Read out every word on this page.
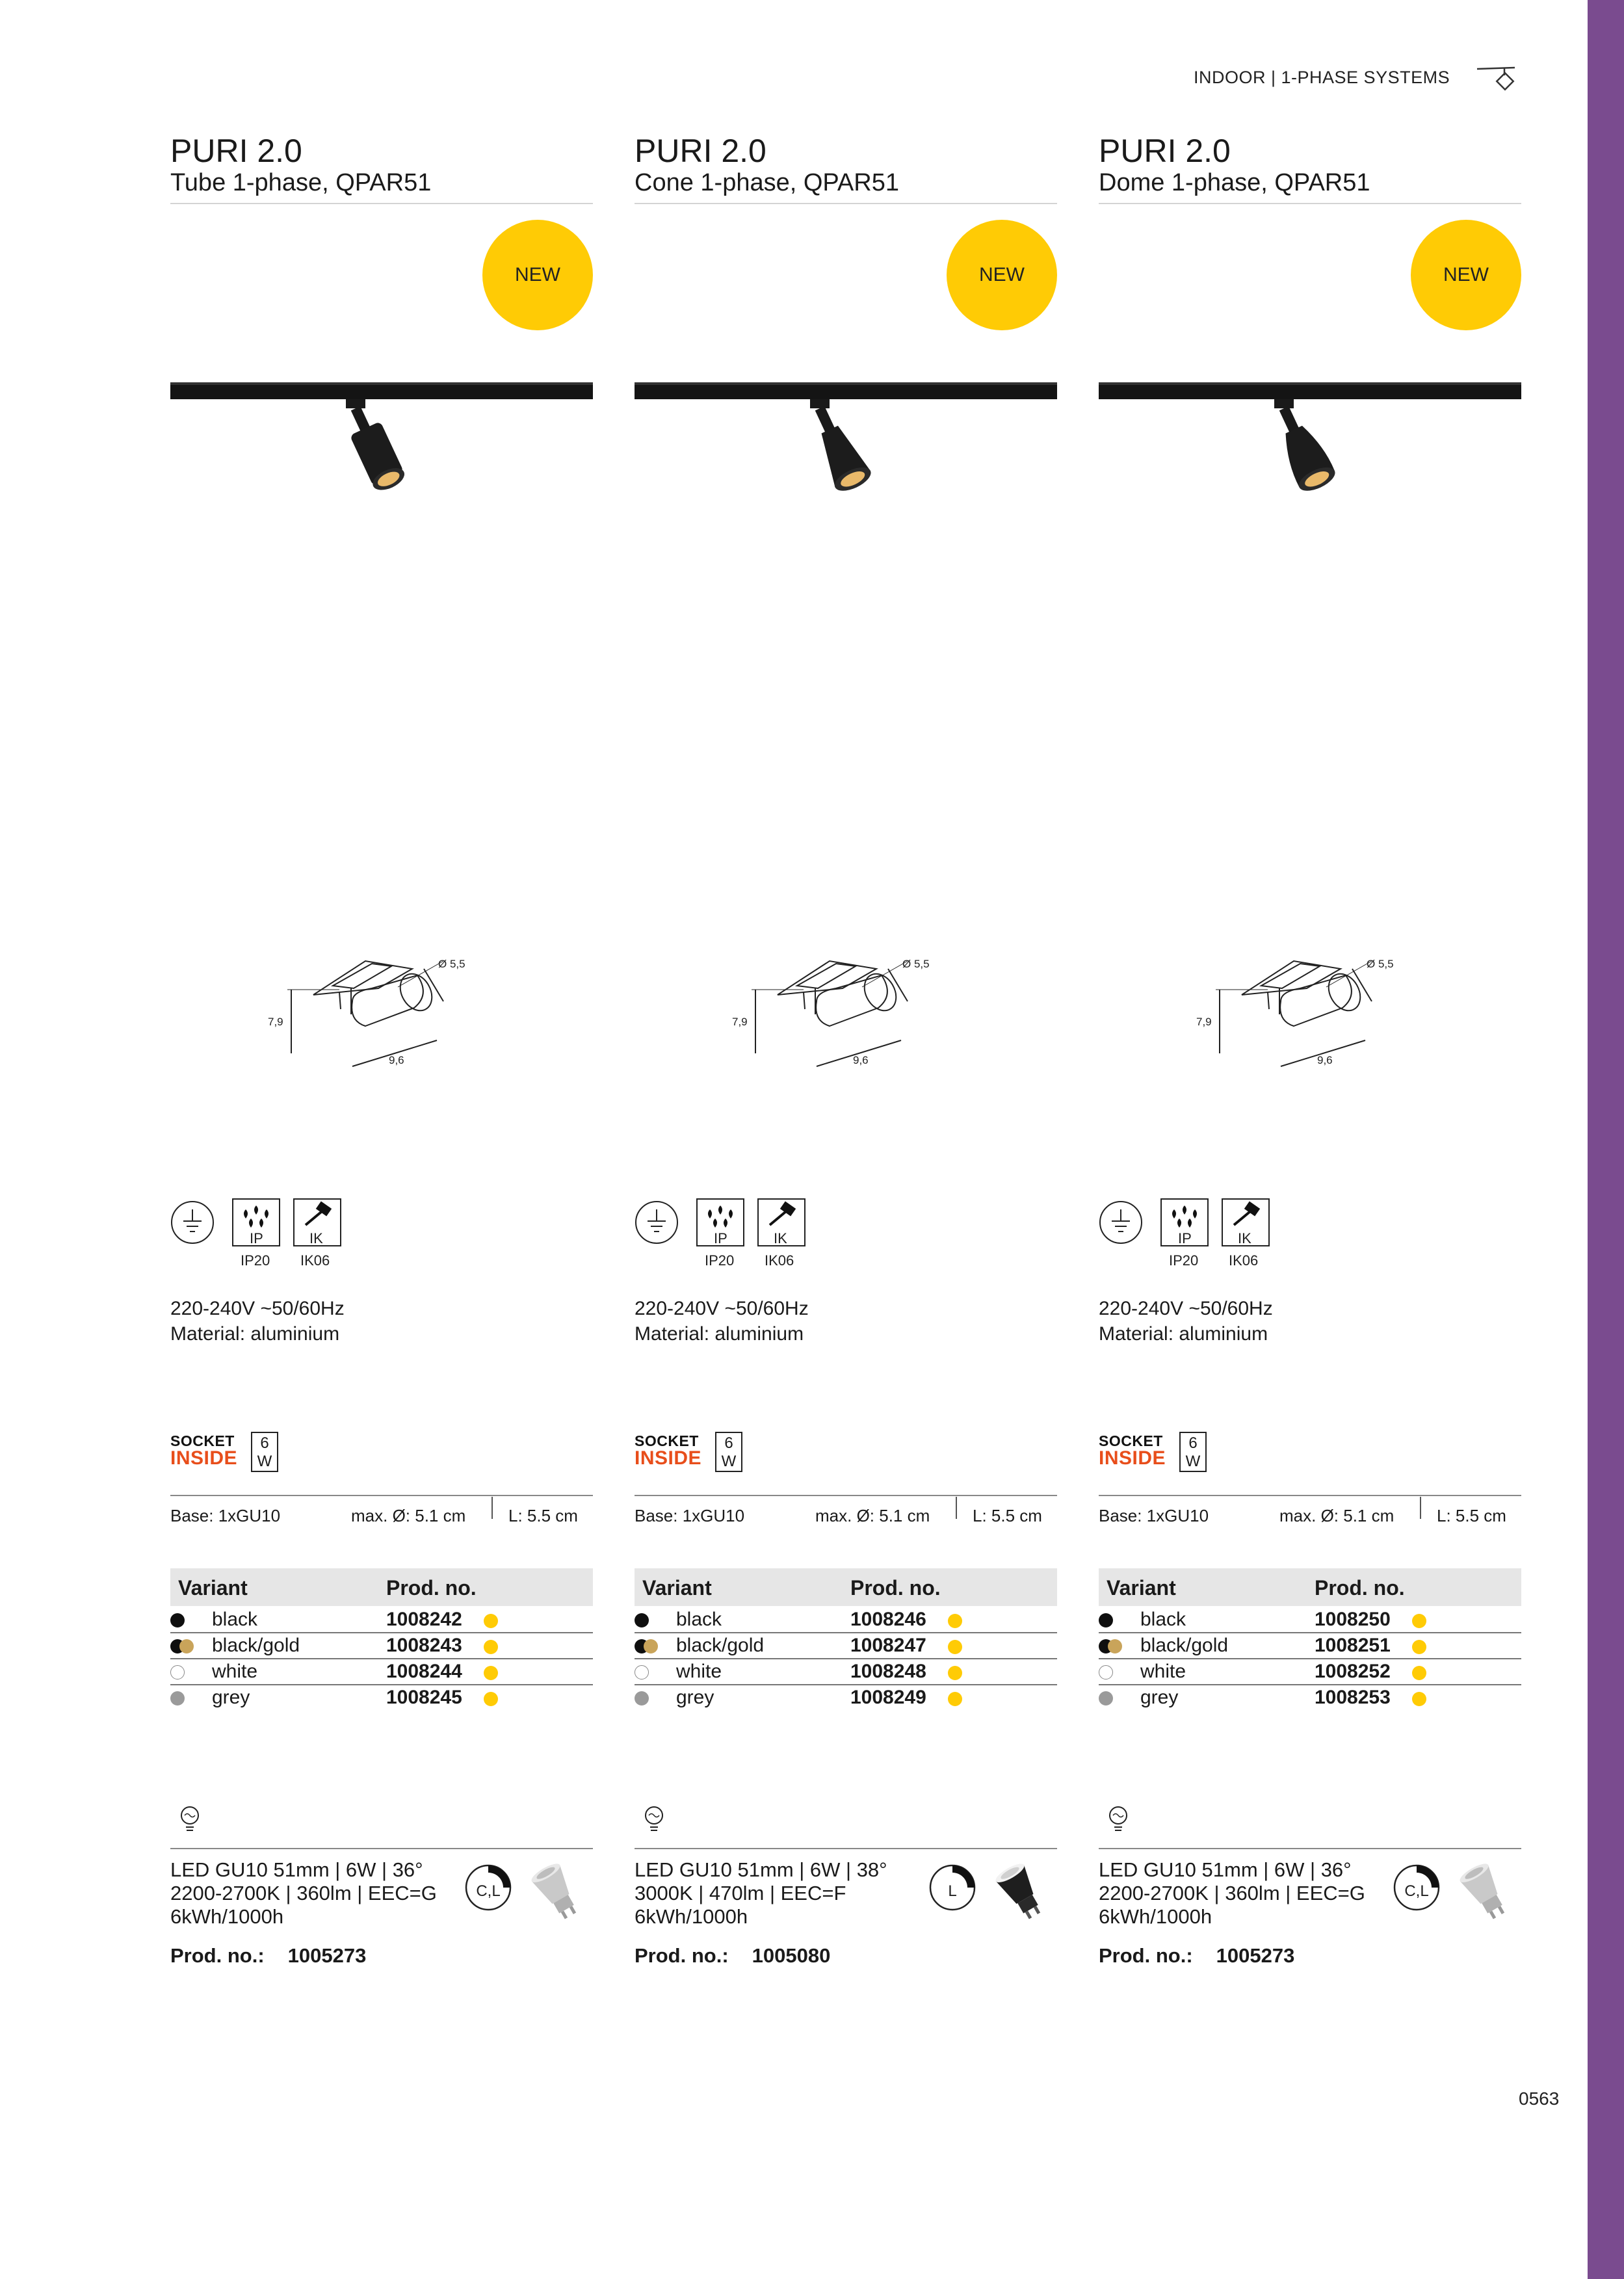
INDOOR | 1-PHASE SYSTEMS
0563
PURI 2.0
Tube 1-phase, QPAR51
NEW
Ø 5,5
7,9
9,6
IP
IP20
IK
IK06
220-240V ~50/60Hz
Material: aluminium
SOCKET
INSIDE
6
W
Base: 1xGU10	max. Ø: 5.1 cm	L: 5.5 cm
Variant	Prod. no.
black	1008242
black/gold	1008243
white	1008244
grey	1008245
LED GU10 51mm | 6W | 36°
2200-2700K | 360lm | EEC=G
6kWh/1000h
C,L
Prod. no.: 1005273
PURI 2.0
Cone 1-phase, QPAR51
NEW
Ø 5,5
7,9
9,6
IP
IP20
IK
IK06
220-240V ~50/60Hz
Material: aluminium
SOCKET
INSIDE
6
W
Base: 1xGU10	max. Ø: 5.1 cm	L: 5.5 cm
Variant	Prod. no.
black	1008246
black/gold	1008247
white	1008248
grey	1008249
LED GU10 51mm | 6W | 38°
3000K | 470lm | EEC=F
6kWh/1000h
L
Prod. no.: 1005080
PURI 2.0
Dome 1-phase, QPAR51
NEW
Ø 5,5
7,9
9,6
IP
IP20
IK
IK06
220-240V ~50/60Hz
Material: aluminium
SOCKET
INSIDE
6
W
Base: 1xGU10	max. Ø: 5.1 cm	L: 5.5 cm
Variant	Prod. no.
black	1008250
black/gold	1008251
white	1008252
grey	1008253
LED GU10 51mm | 6W | 36°
2200-2700K | 360lm | EEC=G
6kWh/1000h
C,L
Prod. no.: 1005273
